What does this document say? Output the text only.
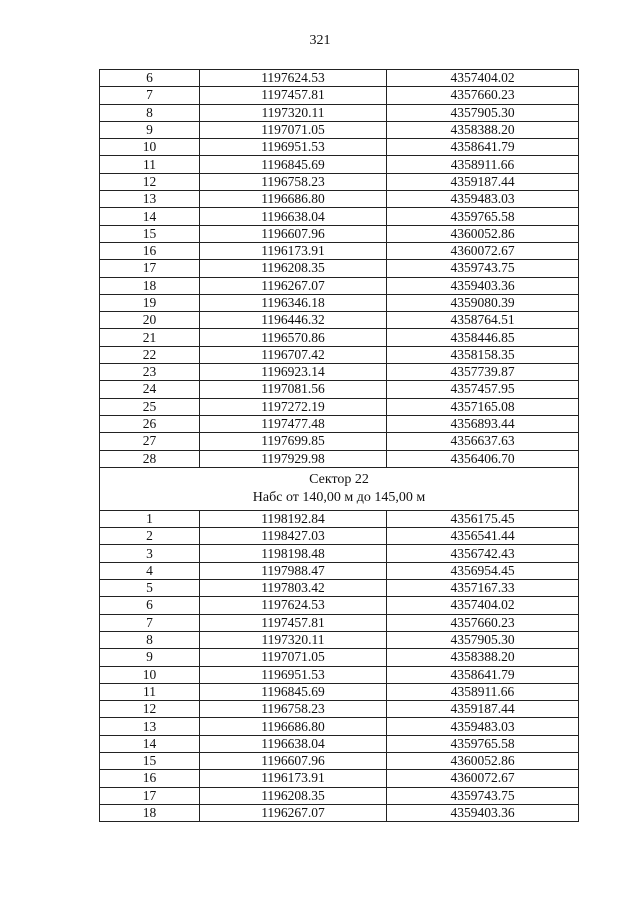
321
6	1197624.53	4357404.02
7	1197457.81	4357660.23
8	1197320.11	4357905.30
9	1197071.05	4358388.20
10	1196951.53	4358641.79
11	1196845.69	4358911.66
12	1196758.23	4359187.44
13	1196686.80	4359483.03
14	1196638.04	4359765.58
15	1196607.96	4360052.86
16	1196173.91	4360072.67
17	1196208.35	4359743.75
18	1196267.07	4359403.36
19	1196346.18	4359080.39
20	1196446.32	4358764.51
21	1196570.86	4358446.85
22	1196707.42	4358158.35
23	1196923.14	4357739.87
24	1197081.56	4357457.95
25	1197272.19	4357165.08
26	1197477.48	4356893.44
27	1197699.85	4356637.63
28	1197929.98	4356406.70

Сектор 22
Набс от 140,00 м до 145,00 м		

1	1198192.84	4356175.45
2	1198427.03	4356541.44
3	1198198.48	4356742.43
4	1197988.47	4356954.45
5	1197803.42	4357167.33
6	1197624.53	4357404.02
7	1197457.81	4357660.23
8	1197320.11	4357905.30
9	1197071.05	4358388.20
10	1196951.53	4358641.79
11	1196845.69	4358911.66
12	1196758.23	4359187.44
13	1196686.80	4359483.03
14	1196638.04	4359765.58
15	1196607.96	4360052.86
16	1196173.91	4360072.67
17	1196208.35	4359743.75
18	1196267.07	4359403.36
